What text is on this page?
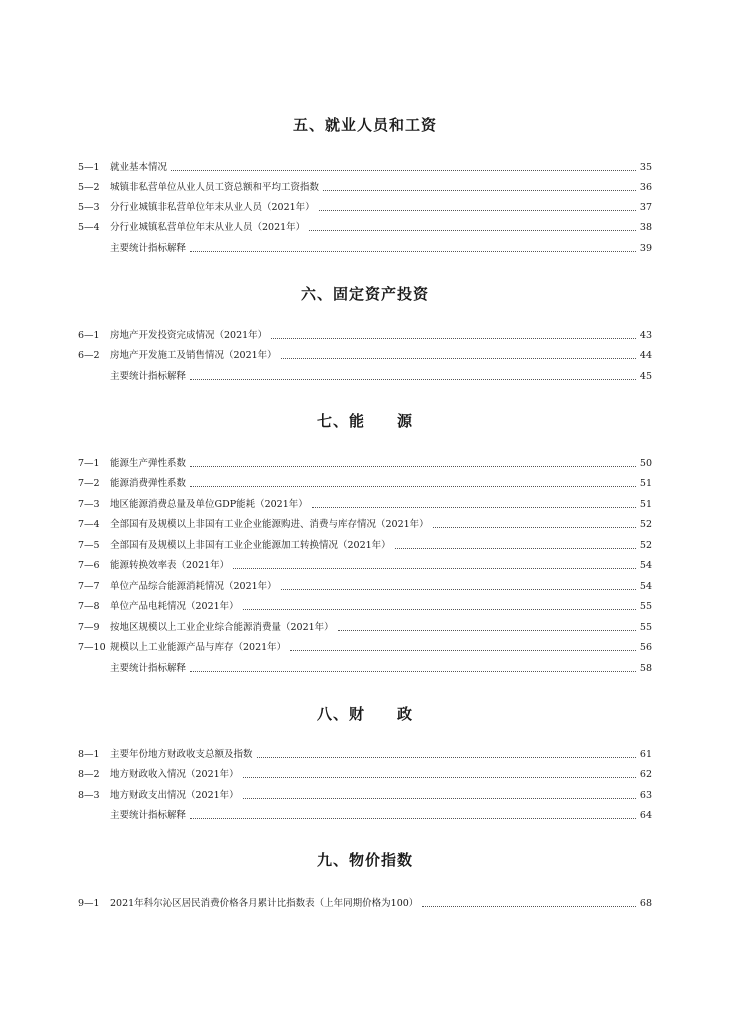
五、就业人员和工资
5—1	就业基本情况	35
5—2	城镇非私营单位从业人员工资总额和平均工资指数	36
5—3	分行业城镇非私营单位年末从业人员（2021年）	37
5—4	分行业城镇私营单位年末从业人员（2021年）	38
主要统计指标解释	39
六、固定资产投资
6—1	房地产开发投资完成情况（2021年）	43
6—2	房地产开发施工及销售情况（2021年）	44
主要统计指标解释	45
七、能　　源
7—1	能源生产弹性系数	50
7—2	能源消费弹性系数	51
7—3	地区能源消费总量及单位GDP能耗（2021年）	51
7—4	全部国有及规模以上非国有工业企业能源购进、消费与库存情况（2021年）	52
7—5	全部国有及规模以上非国有工业企业能源加工转换情况（2021年）	52
7—6	能源转换效率表（2021年）	54
7—7	单位产品综合能源消耗情况（2021年）	54
7—8	单位产品电耗情况（2021年）	55
7—9	按地区规模以上工业企业综合能源消费量（2021年）	55
7—10 规模以上工业能源产品与库存（2021年）	56
主要统计指标解释	58
八、财　　政
8—1	主要年份地方财政收支总额及指数	61
8—2	地方财政收入情况（2021年）	62
8—3	地方财政支出情况（2021年）	63
主要统计指标解释	64
九、物价指数
9—1	2021年科尔沁区居民消费价格各月累计比指数表（上年同期价格为100）	68
